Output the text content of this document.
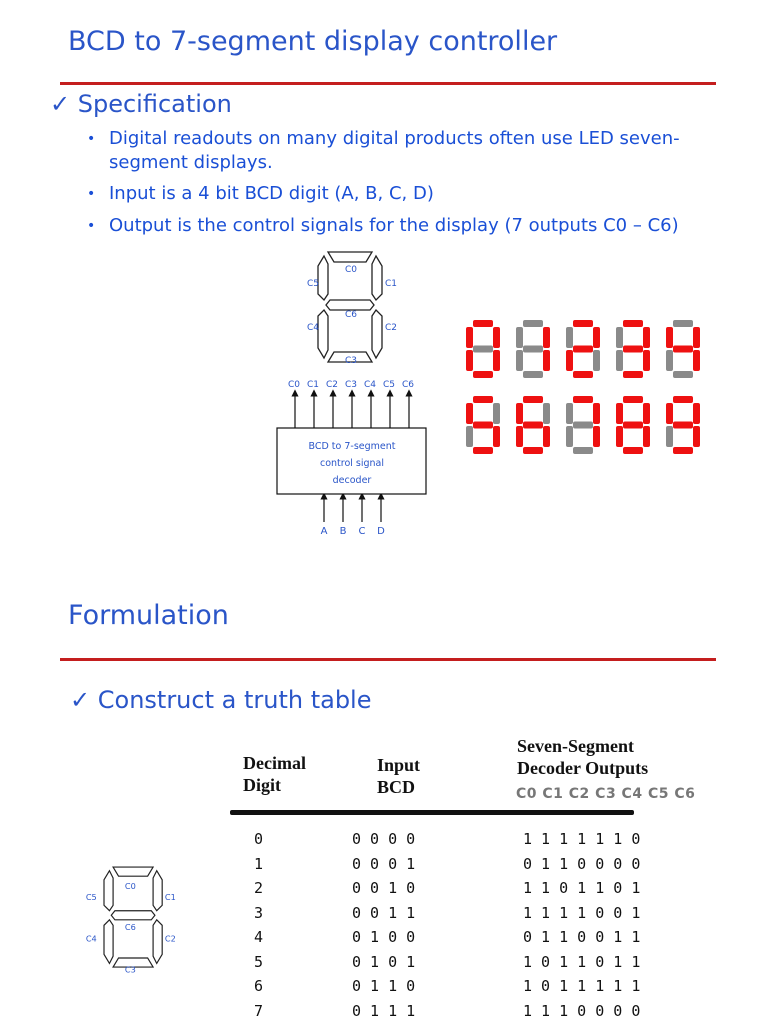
BCD to 7-segment display controller
✓ Specification
• Digital readouts on many digital products often use LED seven-segment displays.
• Input is a 4 bit BCD digit (A, B, C, D)
• Output is the control signals for the display (7 outputs C0 – C6)
C0
C1
C2
C3
C4
C5
C6
C0 C1 C2 C3 C4 C5 C6
BCD to 7-segment
control signal
decoder
A B C D
Formulation
✓ Construct a truth table
C0
C1
C2
C3
C4
C5
C6
Decimal
Digit
Input
BCD
Seven-Segment
Decoder Outputs
C0 C1 C2 C3 C4 C5 C6
0	0 0 0 0	1 1 1 1 1 1 0
1	0 0 0 1	0 1 1 0 0 0 0
2	0 0 1 0	1 1 0 1 1 0 1
3	0 0 1 1	1 1 1 1 0 0 1
4	0 1 0 0	0 1 1 0 0 1 1
5	0 1 0 1	1 0 1 1 0 1 1
6	0 1 1 0	1 0 1 1 1 1 1
7	0 1 1 1	1 1 1 0 0 0 0
